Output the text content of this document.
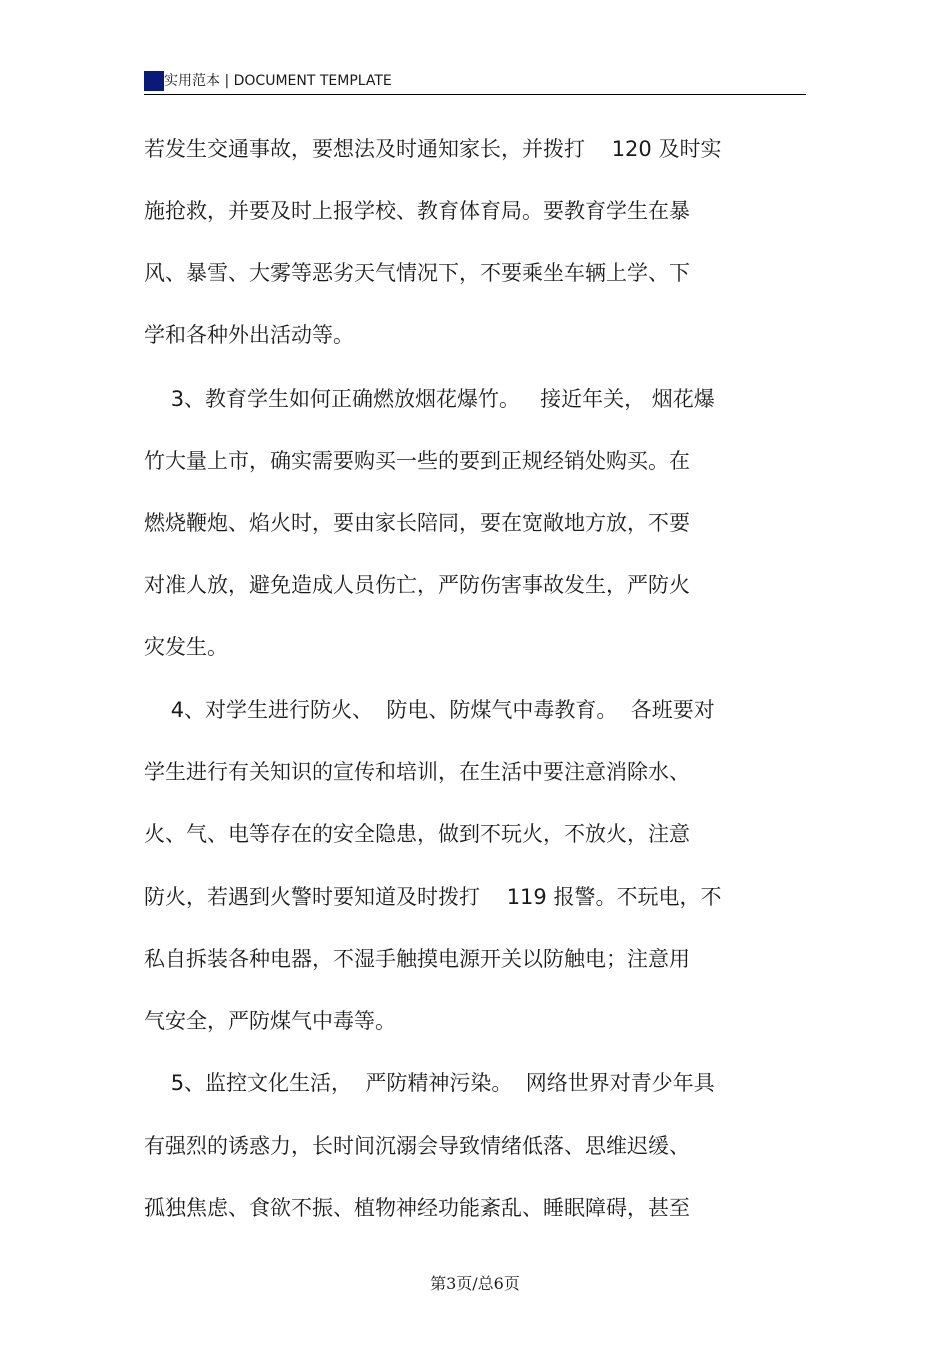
实用范本 | DOCUMENT TEMPLATE
若发生交通事故，要想法及时通知家长，并拨打    120 及时实
施抢救，并要及时上报学校、教育体育局。要教育学生在暴
风、暴雪、大雾等恶劣天气情况下，不要乘坐车辆上学、下
学和各种外出活动等。
3、教育学生如何正确燃放烟花爆竹。   接近年关， 烟花爆
竹大量上市，确实需要购买一些的要到正规经销处购买。在
燃烧鞭炮、焰火时，要由家长陪同，要在宽敞地方放，不要
对准人放，避免造成人员伤亡，严防伤害事故发生，严防火
灾发生。
4、对学生进行防火、  防电、防煤气中毒教育。  各班要对
学生进行有关知识的宣传和培训，在生活中要注意消除水、
火、气、电等存在的安全隐患，做到不玩火，不放火，注意
防火，若遇到火警时要知道及时拨打    119 报警。不玩电，不
私自拆装各种电器，不湿手触摸电源开关以防触电；注意用
气安全，严防煤气中毒等。
5、监控文化生活，  严防精神污染。  网络世界对青少年具
有强烈的诱惑力，长时间沉溺会导致情绪低落、思维迟缓、
孤独焦虑、食欲不振、植物神经功能紊乱、睡眠障碍，甚至
第3页/总6页
